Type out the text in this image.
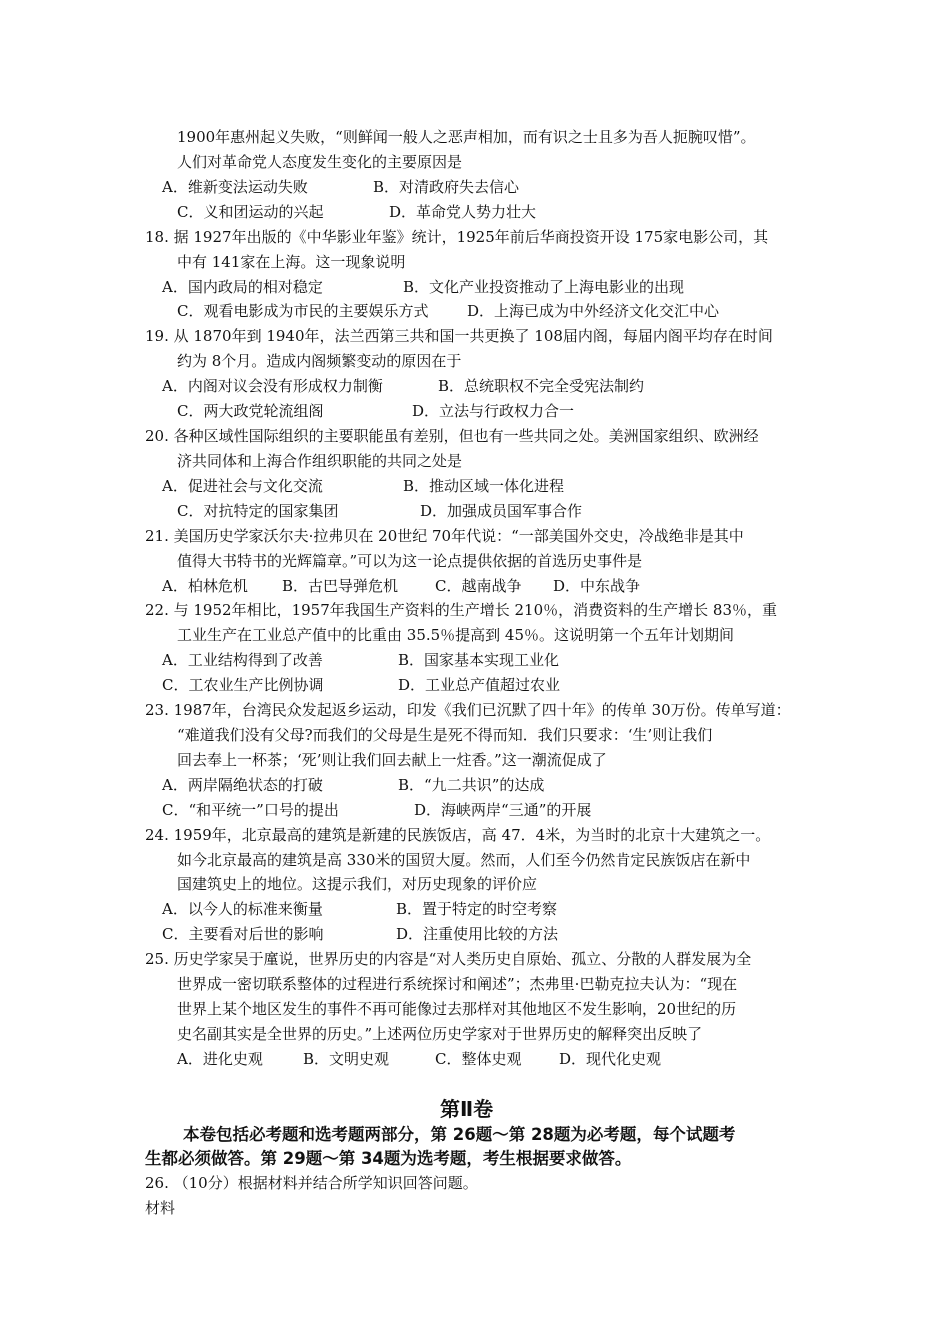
1900年惠州起义失败，“则鲜闻一般人之恶声相加，而有识之士且多为吾人扼腕叹惜”。
人们对革命党人态度发生变化的主要原因是
A．维新变法运动失败	B．对清政府失去信心
C．义和团运动的兴起	D．革命党人势力壮大
18. 据 1927年出版的《中华影业年鉴》统计，1925年前后华商投资开设 175家电影公司，其
中有 141家在上海。这一现象说明
A．国内政局的相对稳定	B．文化产业投资推动了上海电影业的出现
C．观看电影成为市民的主要娱乐方式	D．上海已成为中外经济文化交汇中心
19. 从 1870年到 1940年，法兰西第三共和国一共更换了 108届内阁，每届内阁平均存在时间
约为 8个月。造成内阁频繁变动的原因在于
A．内阁对议会没有形成权力制衡	B．总统职权不完全受宪法制约
C．两大政党轮流组阁	D．立法与行政权力合一
20. 各种区域性国际组织的主要职能虽有差别，但也有一些共同之处。美洲国家组织、欧洲经
济共同体和上海合作组织职能的共同之处是
A．促进社会与文化交流	B．推动区域一体化进程
C．对抗特定的国家集团	D．加强成员国军事合作
21. 美国历史学家沃尔夫·拉弗贝在 20世纪 70年代说：“一部美国外交史，冷战绝非是其中
值得大书特书的光辉篇章。”可以为这一论点提供依据的首选历史事件是
A．柏林危机 B．古巴导弹危机 C．越南战争 D．中东战争
22. 与 1952年相比，1957年我国生产资料的生产增长 210％，消费资料的生产增长 83％，重
工业生产在工业总产值中的比重由 35.5％提高到 45％。这说明第一个五年计划期间
A．工业结构得到了改善	B．国家基本实现工业化
C．工农业生产比例协调	D．工业总产值超过农业
23. 1987年，台湾民众发起返乡运动，印发《我们已沉默了四十年》的传单 30万份。传单写道：
“难道我们没有父母?而我们的父母是生是死不得而知．我们只要求：‘生’则让我们
回去奉上一杯茶；‘死’则让我们回去献上一炷香。”这一潮流促成了
A．两岸隔绝状态的打破	B．“九二共识”的达成
C．“和平统一”口号的提出	D．海峡两岸“三通”的开展
24. 1959年，北京最高的建筑是新建的民族饭店，高 47．4米，为当时的北京十大建筑之一。
如今北京最高的建筑是高 330米的国贸大厦。然而，人们至今仍然肯定民族饭店在新中
国建筑史上的地位。这提示我们，对历史现象的评价应
A．以今人的标准来衡量	B．置于特定的时空考察
C．主要看对后世的影响	D．注重使用比较的方法
25. 历史学家吴于廑说，世界历史的内容是“对人类历史自原始、孤立、分散的人群发展为全
世界成一密切联系整体的过程进行系统探讨和阐述”；杰弗里·巴勒克拉夫认为：“现在
世界上某个地区发生的事件不再可能像过去那样对其他地区不发生影响，20世纪的历
史名副其实是全世界的历史。”上述两位历史学家对于世界历史的解释突出反映了
A．进化史观	B．文明史观	C．整体史观	D．现代化史观
第Ⅱ卷
本卷包括必考题和选考题两部分，第 26题～第 28题为必考题，每个试题考
生都必须做答。第 29题～第 34题为选考题，考生根据要求做答。
26. （10分）根据材料并结合所学知识回答问题。
材料
